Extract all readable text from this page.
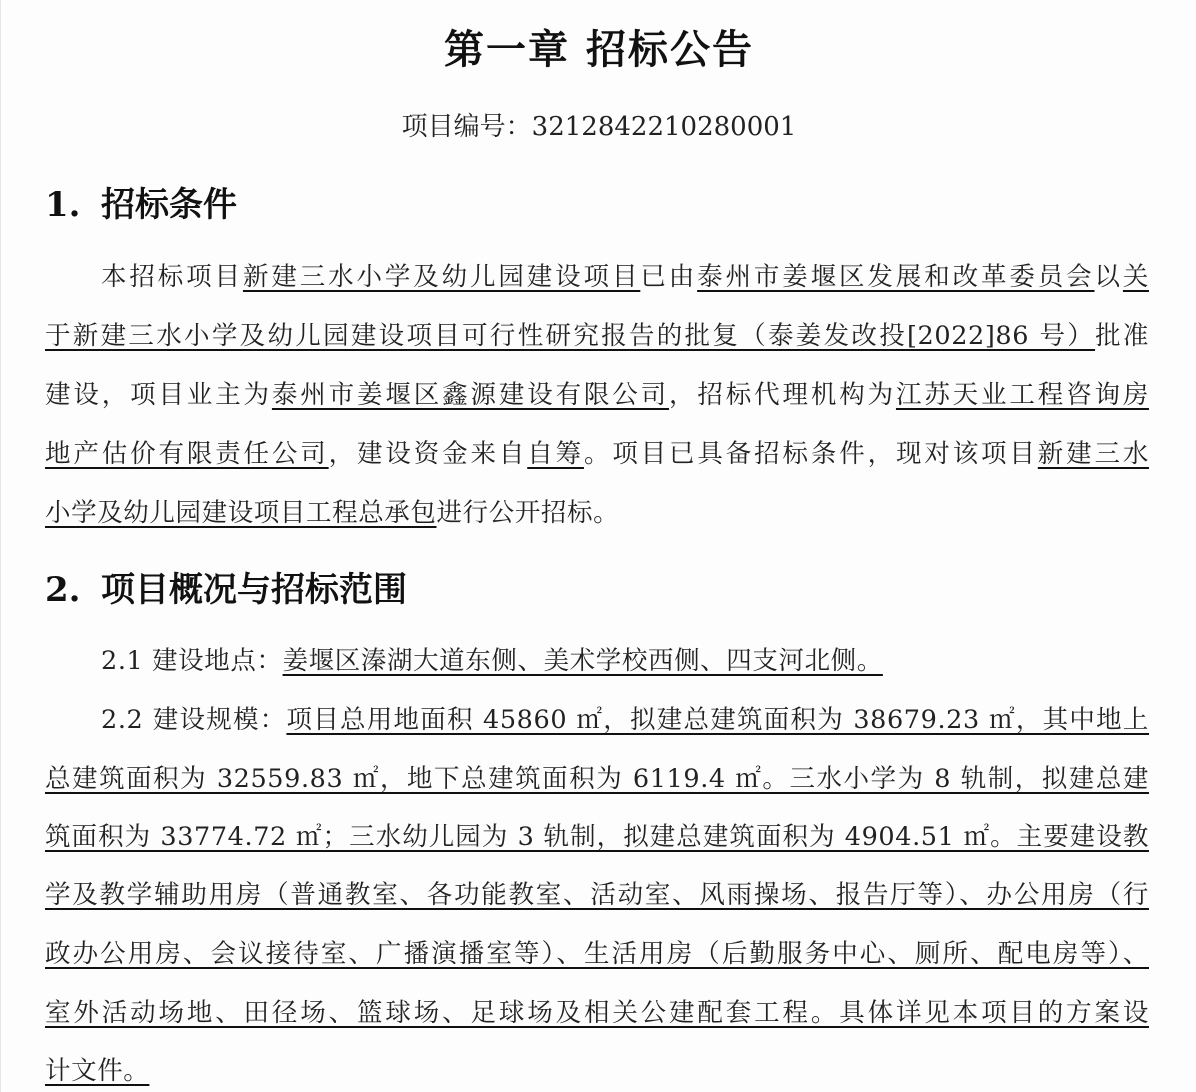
第一章 招标公告
项目编号：3212842210280001
1. 招标条件
本招标项目新建三水小学及幼儿园建设项目已由泰州市姜堰区发展和改革委员会以关
于新建三水小学及幼儿园建设项目可行性研究报告的批复（泰姜发改投[2022]86 号）批准
建设，项目业主为泰州市姜堰区鑫源建设有限公司，招标代理机构为江苏天业工程咨询房
地产估价有限责任公司，建设资金来自自筹。项目已具备招标条件，现对该项目新建三水
小学及幼儿园建设项目工程总承包进行公开招标。
2. 项目概况与招标范围
2.1 建设地点：姜堰区溱湖大道东侧、美术学校西侧、四支河北侧。
2.2 建设规模：项目总用地面积 45860 ㎡，拟建总建筑面积为 38679.23 ㎡，其中地上
总建筑面积为 32559.83 ㎡，地下总建筑面积为 6119.4 ㎡。三水小学为 8 轨制，拟建总建
筑面积为 33774.72 ㎡；三水幼儿园为 3 轨制，拟建总建筑面积为 4904.51 ㎡。主要建设教
学及教学辅助用房（普通教室、各功能教室、活动室、风雨操场、报告厅等）、办公用房（行
政办公用房、会议接待室、广播演播室等）、生活用房（后勤服务中心、厕所、配电房等）、
室外活动场地、田径场、篮球场、足球场及相关公建配套工程。具体详见本项目的方案设
计文件。
